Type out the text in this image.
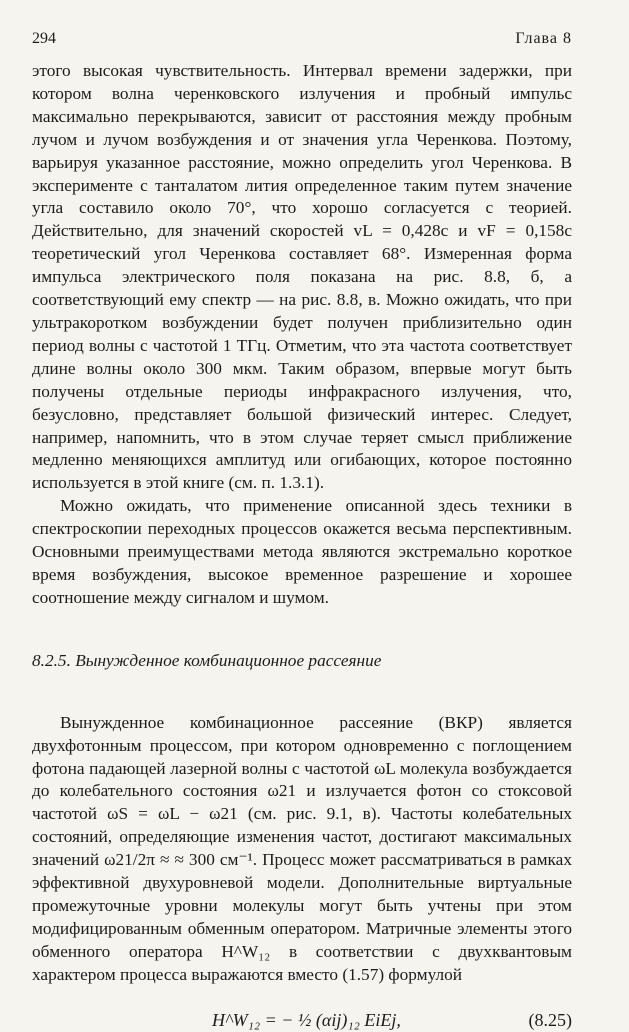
294	Глава 8

этого высокая чувствительность. Интервал времени задержки, при котором волна черенковского излучения и пробный импульс максимально перекрываются, зависит от расстояния между пробным лучом и лучом возбуждения и от значения угла Черенкова. Поэтому, варьируя указанное расстояние, можно определить угол Черенкова. В эксперименте с танталатом лития определенное таким путем значение угла составило около 70°, что хорошо согласуется с теорией. Действительно, для значений скоростей vL = 0,428c и vF = 0,158c теоретический угол Черенкова составляет 68°. Измеренная форма импульса электрического поля показана на рис. 8.8, б, а соответствующий ему спектр — на рис. 8.8, в. Можно ожидать, что при ультракоротком возбуждении будет получен приблизительно один период волны с частотой 1 ТГц. Отметим, что эта частота соответствует длине волны около 300 мкм. Таким образом, впервые могут быть получены отдельные периоды инфракрасного излучения, что, безусловно, представляет большой физический интерес. Следует, например, напомнить, что в этом случае теряет смысл приближение медленно меняющихся амплитуд или огибающих, которое постоянно используется в этой книге (см. п. 1.3.1).

Можно ожидать, что применение описанной здесь техники в спектроскопии переходных процессов окажется весьма перспективным. Основными преимуществами метода являются экстремально короткое время возбуждения, высокое временное разрешение и хорошее соотношение между сигналом и шумом.

8.2.5. Вынужденное комбинационное рассеяние

Вынужденное комбинационное рассеяние (ВКР) является двухфотонным процессом, при котором одновременно с поглощением фотона падающей лазерной волны с частотой ωL молекула возбуждается до колебательного состояния ω21 и излучается фотон со стоксовой частотой ωS = ωL − ω21 (см. рис. 9.1, в). Частоты колебательных состояний, определяющие изменения частот, достигают максимальных значений ω21/2π ≈ ≈ 300 см⁻¹. Процесс может рассматриваться в рамках эффективной двухуровневой модели. Дополнительные виртуальные промежуточные уровни молекулы могут быть учтены при этом модифицированным обменным оператором. Матричные элементы этого обменного оператора H^W₁₂ в соответствии с двухквантовым характером процесса выражаются вместо (1.57) формулой

H^W₁₂ = − ½ (αij)₁₂ EiEj,	(8.25)
